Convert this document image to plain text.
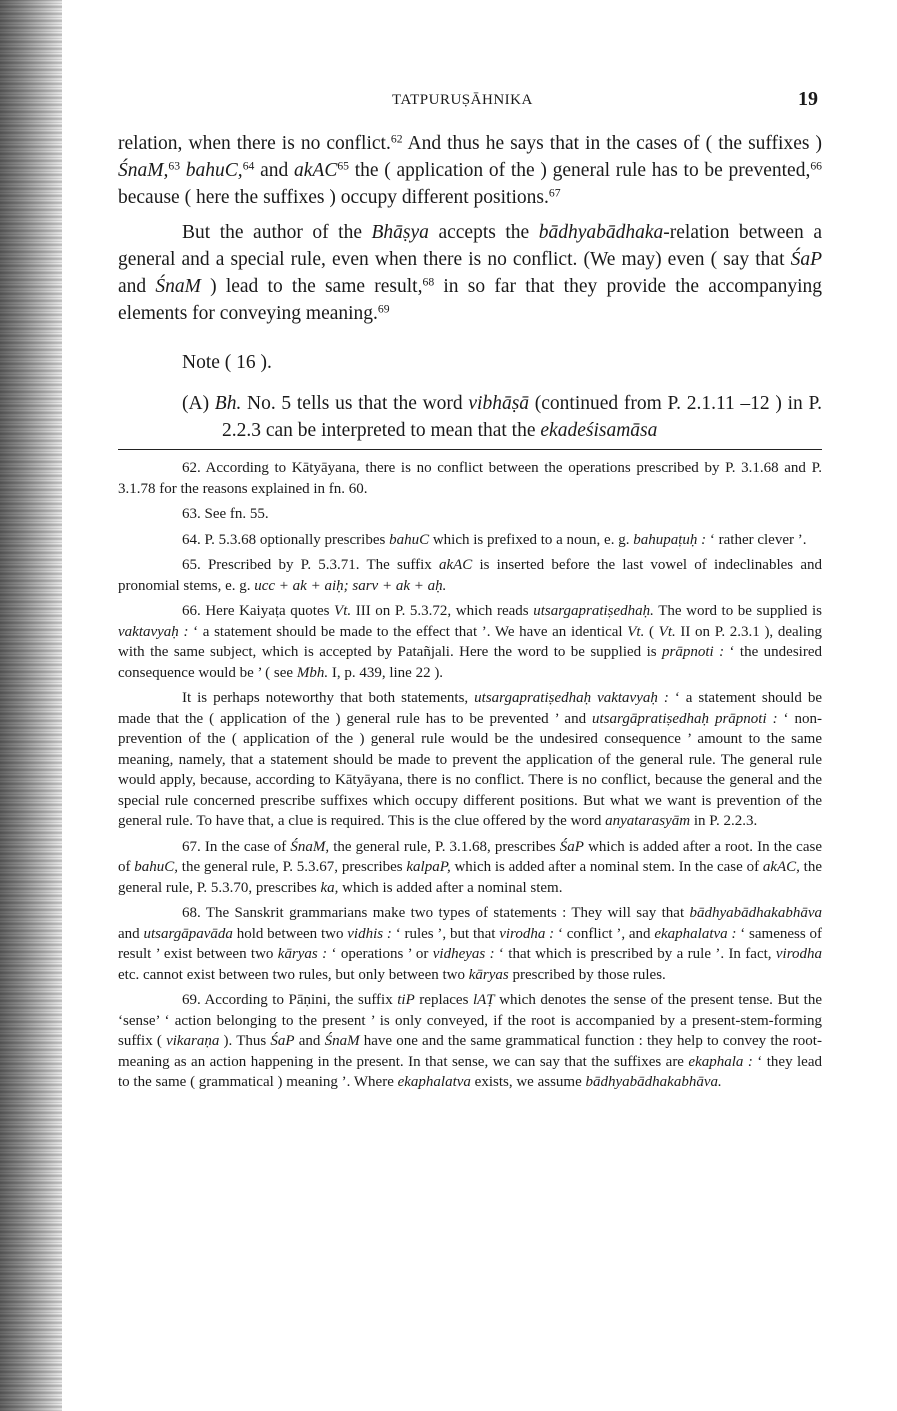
TATPURUṢĀHNIKA	19

relation, when there is no conflict.$^{62}$ And thus he says that in the cases of ( the suffixes ) ŚnaM,$^{63}$ bahuC,$^{64}$ and akAC$^{65}$ the ( application of the ) general rule has to be prevented,$^{66}$ because ( here the suffixes ) occupy different positions.$^{67}$

But the author of the Bhāṣya accepts the bādhyabādhaka-relation between a general and a special rule, even when there is no conflict. (We may) even ( say that ŚaP and ŚnaM ) lead to the same result,$^{68}$ in so far that they provide the accompanying elements for conveying meaning.$^{69}$

Note ( 16 ).

(A) Bh. No. 5 tells us that the word vibhāṣā (continued from P. 2.1.11 –12 ) in P. 2.2.3 can be interpreted to mean that the ekadeśisamāsa

62. According to Kātyāyana, there is no conflict between the operations prescribed by P. 3.1.68 and P. 3.1.78 for the reasons explained in fn. 60.

63. See fn. 55.

64. P. 5.3.68 optionally prescribes bahuC which is prefixed to a noun, e. g. bahupaṭuḥ : ‘ rather clever ’.

65. Prescribed by P. 5.3.71. The suffix akAC is inserted before the last vowel of indeclinables and pronomial stems, e. g. ucc + ak + aiḥ; sarv + ak + aḥ.

66. Here Kaiyaṭa quotes Vt. III on P. 5.3.72, which reads utsargapratiṣedhaḥ. The word to be supplied is vaktavyaḥ : ‘ a statement should be made to the effect that ’. We have an identical Vt. ( Vt. II on P. 2.3.1 ), dealing with the same subject, which is accepted by Patañjali. Here the word to be supplied is prāpnoti : ‘ the undesired consequence would be ’ ( see Mbh. I, p. 439, line 22 ).

It is perhaps noteworthy that both statements, utsargapratiṣedhaḥ vaktavyaḥ : ‘ a statement should be made that the ( application of the ) general rule has to be prevented ’ and utsargāpratiṣedhaḥ prāpnoti : ‘ non-prevention of the ( application of the ) general rule would be the undesired consequence ’ amount to the same meaning, namely, that a statement should be made to prevent the application of the general rule. The general rule would apply, because, according to Kātyāyana, there is no conflict. There is no conflict, because the general and the special rule concerned prescribe suffixes which occupy different positions. But what we want is prevention of the general rule. To have that, a clue is required. This is the clue offered by the word anyatarasyām in P. 2.2.3.

67. In the case of ŚnaM, the general rule, P. 3.1.68, prescribes ŚaP which is added after a root. In the case of bahuC, the general rule, P. 5.3.67, prescribes kalpaP, which is added after a nominal stem. In the case of akAC, the general rule, P. 5.3.70, prescribes ka, which is added after a nominal stem.

68. The Sanskrit grammarians make two types of statements : They will say that bādhyabādhakabhāva and utsargāpavāda hold between two vidhis : ‘ rules ’, but that virodha : ‘ conflict ’, and ekaphalatva : ‘ sameness of result ’ exist between two kāryas : ‘ operations ’ or vidheyas : ‘ that which is prescribed by a rule ’. In fact, virodha etc. cannot exist between two rules, but only between two kāryas prescribed by those rules.

69. According to Pāṇini, the suffix tiP replaces lAṬ which denotes the sense of the present tense. But the ‘sense’ ‘ action belonging to the present ’ is only conveyed, if the root is accompanied by a present-stem-forming suffix ( vikaraṇa ). Thus ŚaP and ŚnaM have one and the same grammatical function : they help to convey the root-meaning as an action happening in the present. In that sense, we can say that the suffixes are ekaphala : ‘ they lead to the same ( grammatical ) meaning ’. Where ekaphalatva exists, we assume bādhyabādhakabhāva.
